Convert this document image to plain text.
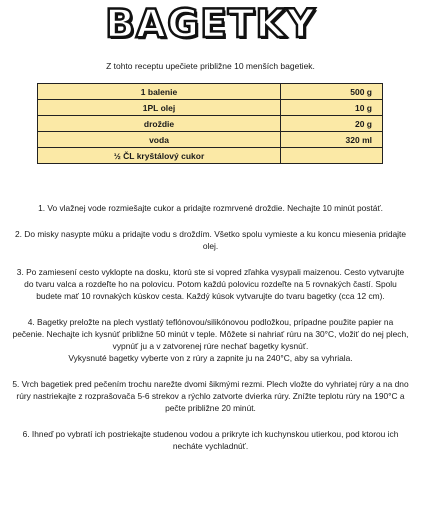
BAGETKY
Z tohto receptu upečiete približne 10 menších bagetiek.
1 balenie	500 g
1PL olej	10 g
droždie	20 g
voda	320 ml
½ ČL kryštálový cukor	

1. Vo vlažnej vode rozmiešajte cukor a pridajte rozmrvené droždie. Nechajte 10 minút postáť.

2. Do misky nasypte múku a pridajte vodu s droždím. Všetko spolu vymieste a ku koncu miesenia pridajte olej.

3. Po zamiesení cesto vyklopte na dosku, ktorú ste si vopred zľahka vysypali maizenou. Cesto vytvarujte do tvaru valca a rozdeľte ho na polovicu. Potom každú polovicu rozdeľte na 5 rovnakých častí. Spolu budete mať 10 rovnakých kúskov cesta. Každý kúsok vytvarujte do tvaru bagetky (cca 12 cm).

4. Bagetky preložte na plech vystlatý teflónovou/silikónovou podložkou, prípadne použite papier na pečenie. Nechajte ich kysnúť približne 50 minút v teple. Môžete si nahriať rúru na 30°C, vložiť do nej plech, vypnúť ju a v zatvorenej rúre nechať bagetky kysnúť.
Vykysnuté bagetky vyberte von z rúry a zapnite ju na 240°C, aby sa vyhriala.

5. Vrch bagetiek pred pečením trochu narežte dvomi šikmými rezmi. Plech vložte do vyhriatej rúry a na dno rúry nastriekajte z rozprašovača 5-6 strekov a rýchlo zatvorte dvierka rúry. Znížte teplotu rúry na 190°C a pečte približne 20 minút.

6. Ihneď po vybratí ich postriekajte studenou vodou a prikryte ich kuchynskou utierkou, pod ktorou ich necháte vychladnúť.
